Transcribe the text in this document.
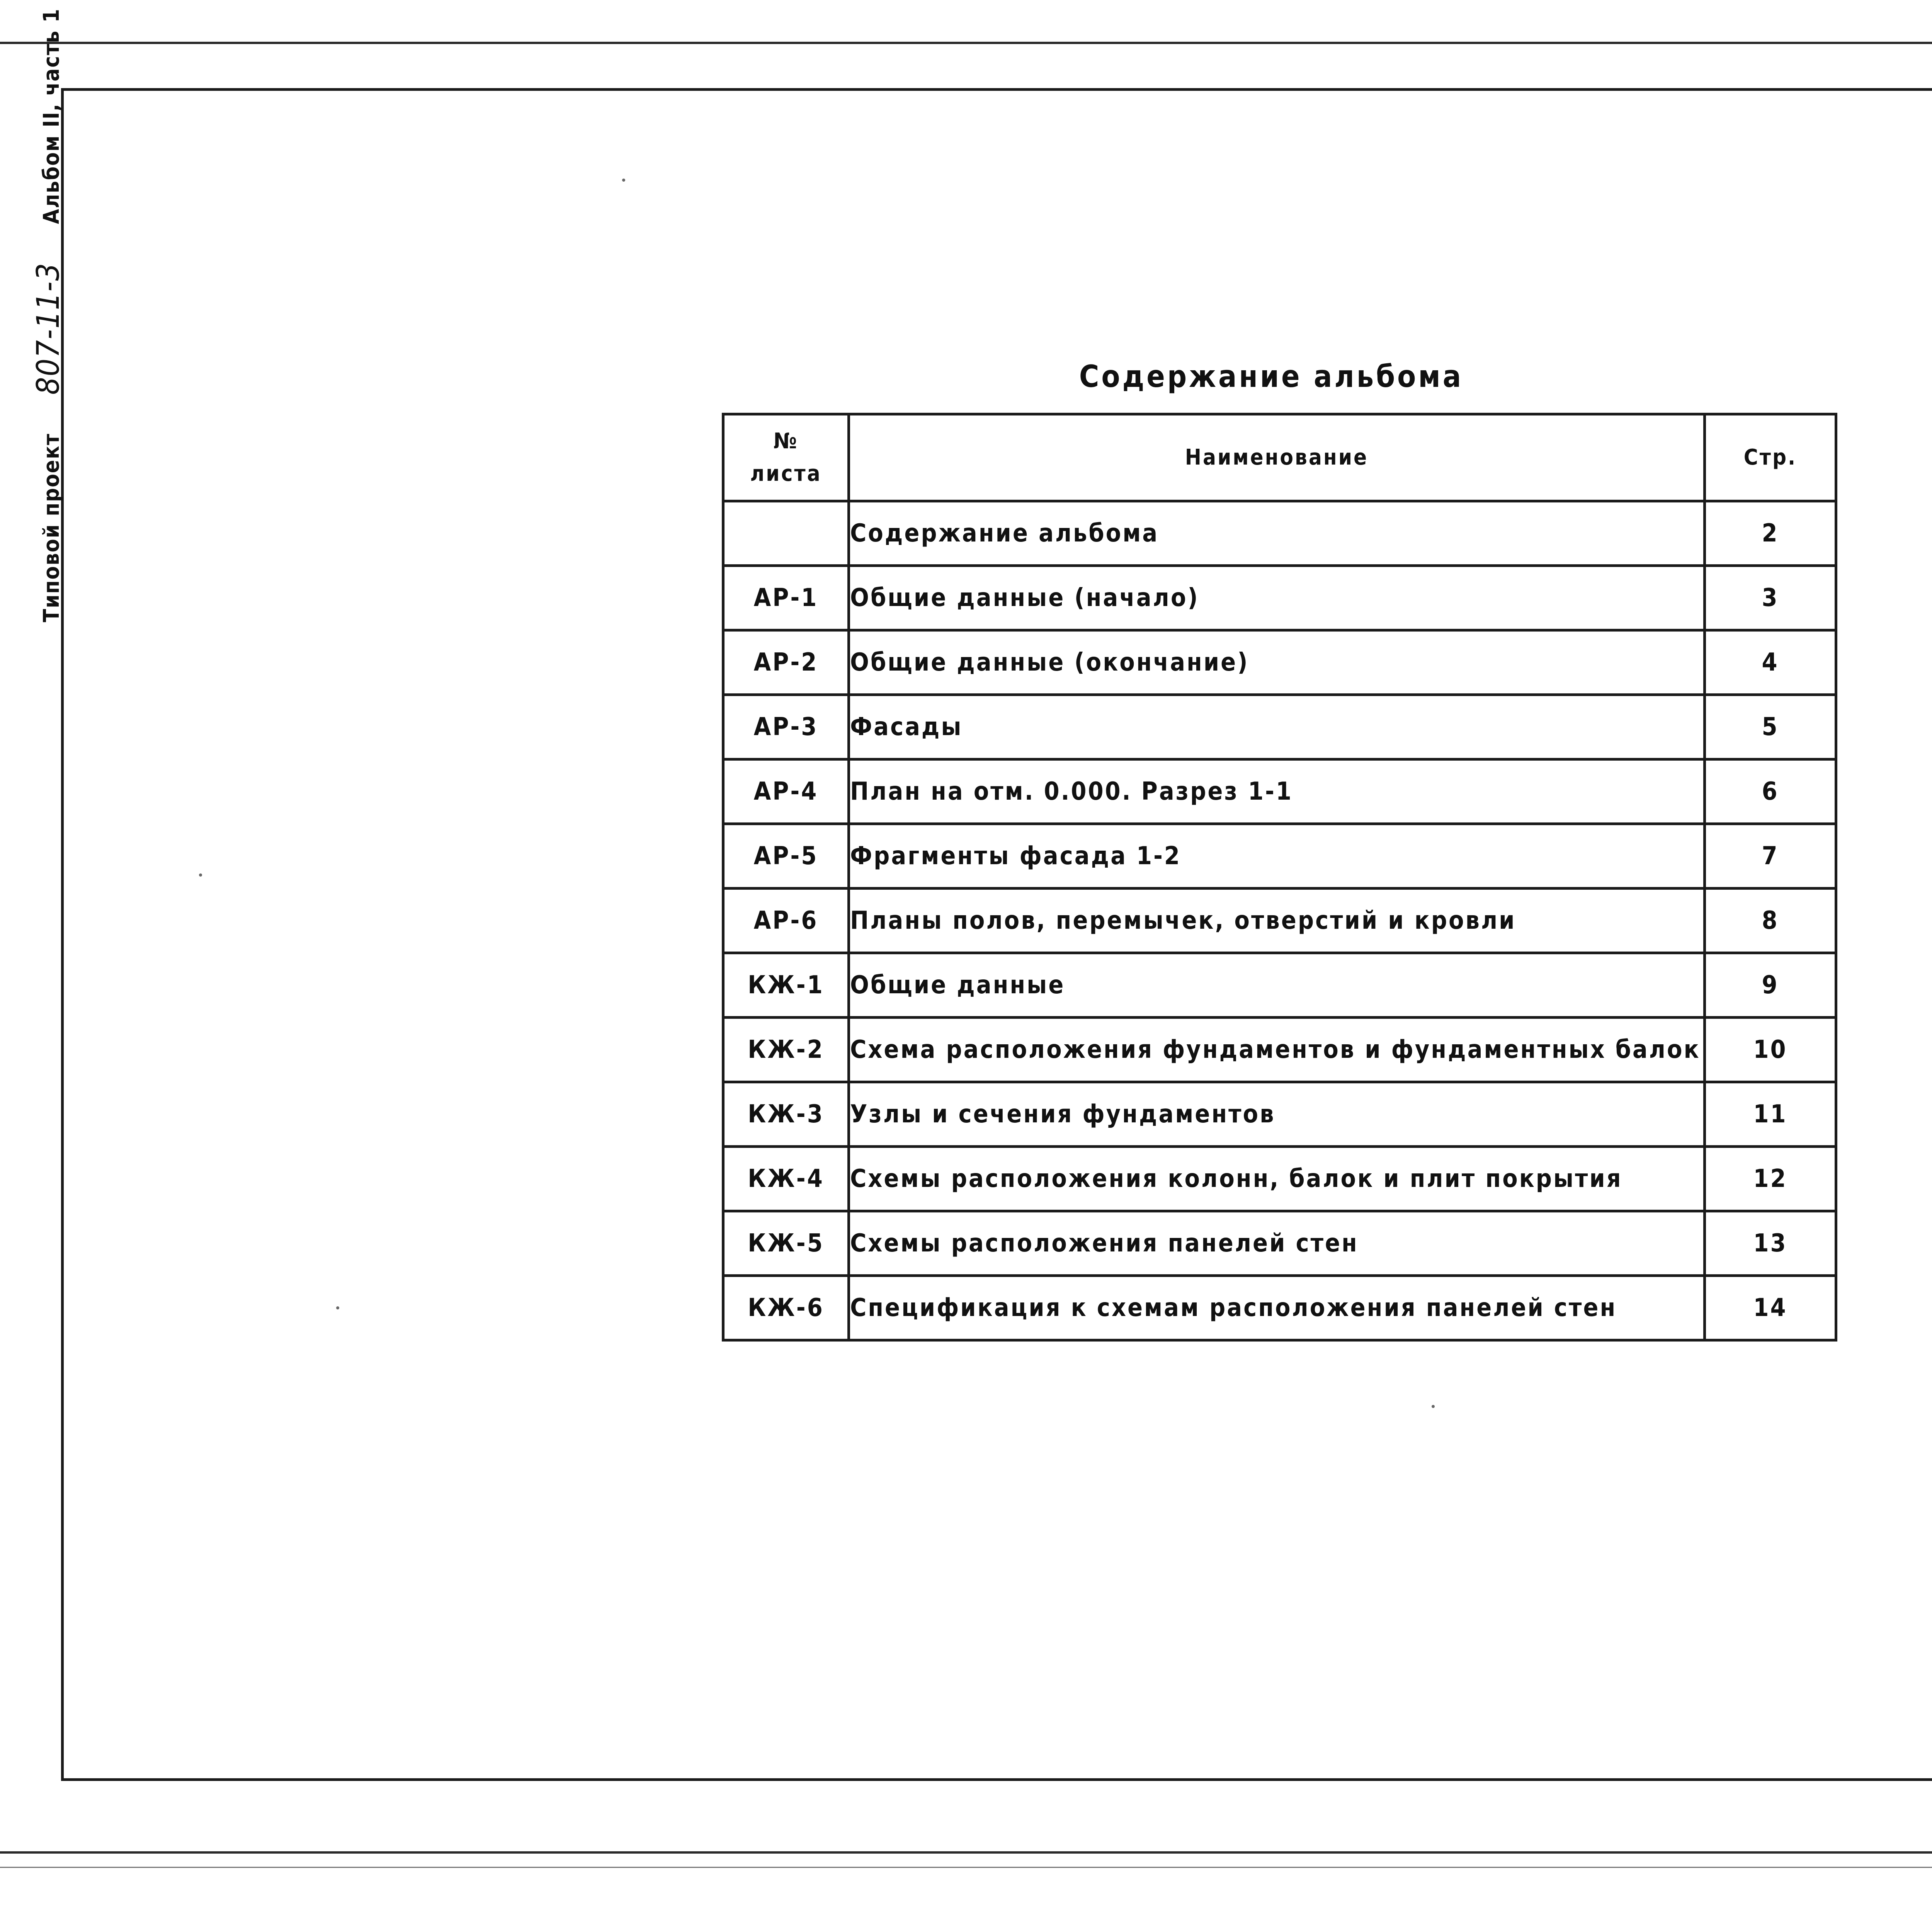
Типовой проект  807-11-3  Альбом II, часть 1
Содержание альбома
№
листа	Наименование	Стр.
	Содержание альбома	2
АР-1	Общие данные (начало)	3
АР-2	Общие данные (окончание)	4
АР-3	Фасады	5
АР-4	План на отм. 0.000. Разрез 1-1	6
АР-5	Фрагменты фасада 1-2	7
АР-6	Планы полов, перемычек, отверстий и кровли	8
КЖ-1	Общие данные	9
КЖ-2	Схема расположения фундаментов и фундаментных балок	10
КЖ-3	Узлы и сечения фундаментов	11
КЖ-4	Схемы расположения колонн, балок и плит покрытия	12
КЖ-5	Схемы расположения панелей стен	13
КЖ-6	Спецификация к схемам расположения панелей стен	14
